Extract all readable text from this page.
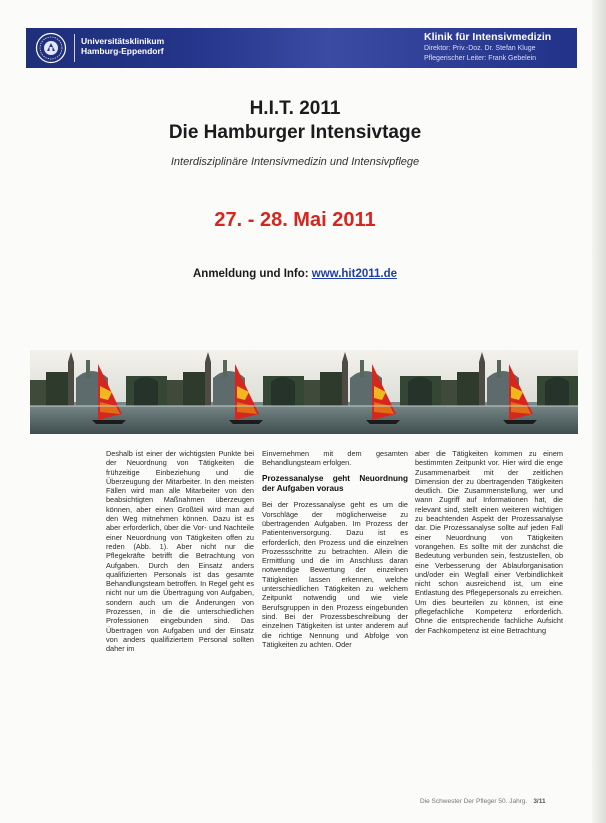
Universitätsklinikum
Hamburg-Eppendorf
Klinik für Intensivmedizin
Direktor: Priv.-Doz. Dr. Stefan Kluge
Pflegerischer Leiter: Frank Gebelein
H.I.T. 2011
Die Hamburger Intensivtage
Interdisziplinäre Intensivmedizin und Intensivpflege
27. - 28. Mai 2011
Anmeldung und Info: www.hit2011.de

Deshalb ist einer der wichtigsten Punkte bei der Neuordnung von Tätigkeiten die frühzeitige Einbeziehung und die Überzeugung der Mitarbeiter. In den meisten Fällen wird man alle Mitarbeiter von den beabsichtigten Maßnahmen überzeugen können, aber einen Großteil wird man auf den Weg mitnehmen können. Dazu ist es aber erforderlich, über die Vor- und Nachteile einer Neuordnung von Tätigkeiten offen zu reden (Abb. 1). Aber nicht nur die Pflegekräfte betrifft die Betrachtung von Aufgaben. Durch den Einsatz anders qualifizierten Personals ist das gesamte Behandlungsteam betroffen. In Regel geht es nicht nur um die Übertragung von Aufgaben, sondern auch um die Änderungen von Prozessen, in die die unterschiedlichen Professionen eingebunden sind. Das Übertragen von Aufgaben und der Einsatz von anders qualifiziertem Personal sollten daher im

Einvernehmen mit dem gesamten Behandlungsteam erfolgen.

Prozessanalyse geht Neuordnung der Aufgaben voraus

Bei der Prozessanalyse geht es um die Vorschläge der möglicherweise zu übertragenden Aufgaben. Im Prozess der Patientenversorgung. Dazu ist es erforderlich, den Prozess und die einzelnen Prozessschritte zu betrachten. Allein die Ermittlung und die im Anschluss daran notwendige Bewertung der einzelnen Tätigkeiten lassen erkennen, welche unterschiedlichen Tätigkeiten zu welchem Zeitpunkt notwendig und wie viele Berufsgruppen in den Prozess eingebunden sind. Bei der Prozessbeschreibung der einzelnen Tätigkeiten ist unter anderem auf die richtige Nennung und Abfolge von Tätigkeiten zu achten. Oder

aber die Tätigkeiten kommen zu einem bestimmten Zeitpunkt vor. Hier wird die enge Zusammenarbeit mit der zeitlichen Dimension der zu übertragenden Tätigkeiten deutlich. Die Zusammenstellung, wer und wann Zugriff auf Informationen hat, die relevant sind, stellt einen weiteren wichtigen zu beachtenden Aspekt der Prozessanalyse dar. Die Prozessanalyse sollte auf jeden Fall einer Neuordnung von Tätigkeiten vorangehen. Es sollte mit der zunächst die Bedeutung verbunden sein, festzustellen, ob eine Verbesserung der Ablauforganisation und/oder ein Wegfall einer Verbindlichkeit nicht schon ausreichend ist, um eine Entlastung des Pflegepersonals zu erreichen. Um dies beurteilen zu können, ist eine pflegefachliche Kompetenz erforderlich. Ohne die entsprechende fachliche Aufsicht der Fachkompetenz ist eine Betrachtung

Die Schwester Der Pfleger 50. Jahrg. 3/11
